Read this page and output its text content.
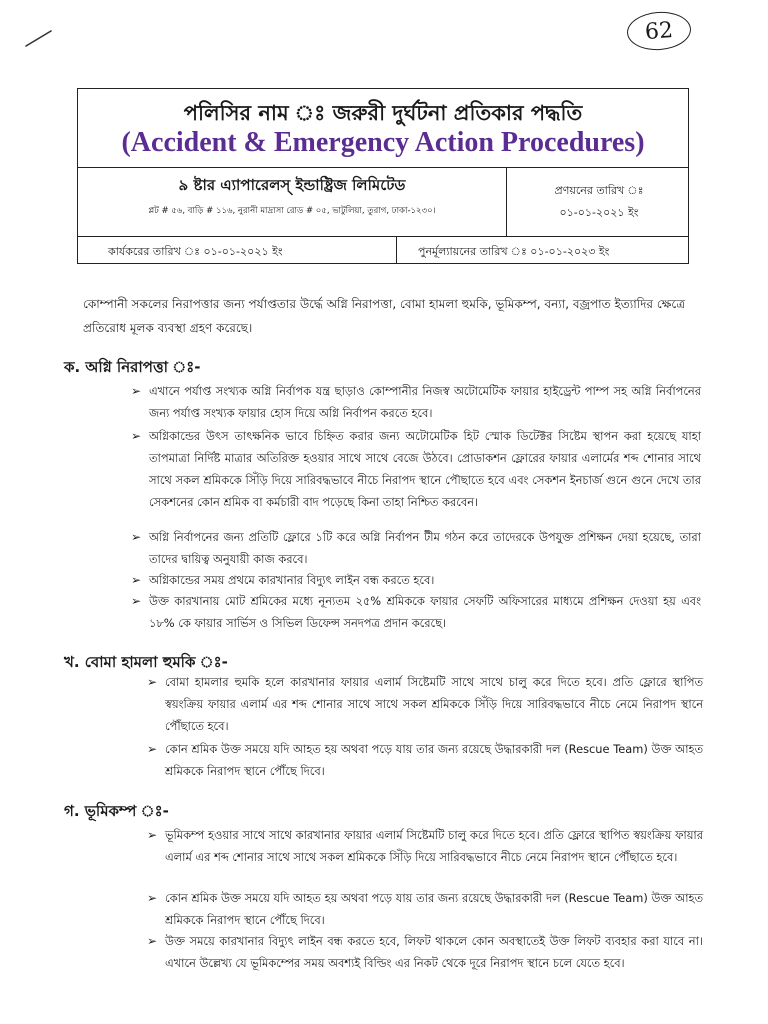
62
পলিসির নাম ঃ জরুরী দুর্ঘটনা প্রতিকার পদ্ধতি
(Accident & Emergency Action Procedures)
৯ ষ্টার এ্যাপারেলস্ ইন্ডাষ্ট্রিজ লিমিটেড
প্লট # ৫৬, বাড়ি # ১১৬, নুরানী মাদ্রাসা রোড # ০৫, ভাটুলিয়া, তুরাগ, ঢাকা-১২৩০।
প্রণয়নের তারিখ ঃ
০১-০১-২০২১ ইং
কার্যকরের তারিখ ঃ ০১-০১-২০২১ ইং	পুনর্মূল্যায়নের তারিখ ঃ ০১-০১-২০২৩ ইং
কোম্পানী সকলের নিরাপত্তার জন্য পর্যাপ্ততার উর্দ্ধে অগ্নি নিরাপত্তা, বোমা হামলা হুমকি, ভূমিকম্প, বন্যা, বজ্রপাত ইত্যাদির ক্ষেত্রে প্রতিরোধ মূলক ব্যবস্থা গ্রহণ করেছে।
ক. অগ্নি নিরাপত্তা ঃ-
➢ এখানে পর্যাপ্ত সংখ্যক অগ্নি নির্বাপক যন্ত্র ছাড়াও কোম্পানীর নিজস্ব অটোমেটিক ফায়ার হাইড্রেন্ট পাম্প সহ অগ্নি নির্বাপনের জন্য পর্যাপ্ত সংখ্যক ফায়ার হোস দিয়ে অগ্নি নির্বাপন করতে হবে।
➢ অগ্নিকান্ডের উৎস তাৎক্ষনিক ভাবে চিহ্নিত করার জন্য অটোমেটিক হিট স্মোক ডিটেক্টর সিষ্টেম স্থাপন করা হয়েছে যাহা তাপমাত্রা নির্দিষ্ট মাত্রার অতিরিক্ত হওয়ার সাথে সাথে বেজে উঠবে। প্রোডাকশন ফ্লোরের ফায়ার এলার্মের শব্দ শোনার সাথে সাথে সকল শ্রমিককে সিঁড়ি দিয়ে সারিবদ্ধভাবে নীচে নিরাপদ স্থানে পৌছাতে হবে এবং সেকশন ইনচার্জ গুনে গুনে দেখে তার সেকশনের কোন শ্রমিক বা কর্মচারী বাদ পড়েছে কিনা তাহা নিশ্চিত করবেন।
➢ অগ্নি নির্বাপনের জন্য প্রতিটি ফ্লোরে ১টি করে অগ্নি নির্বাপন টীম গঠন করে তাদেরকে উপযুক্ত প্রশিক্ষন দেয়া হয়েছে, তারা তাদের দ্বায়িত্ব অনুযায়ী কাজ করবে।
➢ অগ্নিকান্ডের সময় প্রথমে কারখানার বিদ্যুৎ লাইন বন্ধ করতে হবে।
➢ উক্ত কারখানায় মোট শ্রমিকের মধ্যে নূন্যতম ২৫% শ্রমিককে ফায়ার সেফটি অফিসারের মাধ্যমে প্রশিক্ষন দেওয়া হয় এবং ১৮% কে ফায়ার সার্ভিস ও সিভিল ডিফেন্স সনদপত্র প্রদান করেছে।
খ. বোমা হামলা হুমকি ঃ-
➢ বোমা হামলার হুমকি হলে কারখানার ফায়ার এলার্ম সিষ্টেমটি সাথে সাথে চালু করে দিতে হবে। প্রতি ফ্লোরে স্থাপিত স্বয়ংক্রিয় ফায়ার এলার্ম এর শব্দ শোনার সাথে সাথে সকল শ্রমিককে সিঁড়ি দিয়ে সারিবদ্ধভাবে নীচে নেমে নিরাপদ স্থানে পৌঁছাতে হবে।
➢ কোন শ্রমিক উক্ত সময়ে যদি আহত হয় অথবা পড়ে যায় তার জন্য রয়েছে উদ্ধারকারী দল (Rescue Team) উক্ত আহত শ্রমিককে নিরাপদ স্থানে পৌঁছে দিবে।
গ. ভূমিকম্প ঃ-
➢ ভূমিকম্প হওয়ার সাথে সাথে কারখানার ফায়ার এলার্ম সিষ্টেমটি চালু করে দিতে হবে। প্রতি ফ্লোরে স্থাপিত স্বয়ংক্রিয় ফায়ার এলার্ম এর শব্দ শোনার সাথে সাথে সকল শ্রমিককে সিঁড়ি দিয়ে সারিবদ্ধভাবে নীচে নেমে নিরাপদ স্থানে পৌঁছাতে হবে।
➢ কোন শ্রমিক উক্ত সময়ে যদি আহত হয় অথবা পড়ে যায় তার জন্য রয়েছে উদ্ধারকারী দল (Rescue Team) উক্ত আহত শ্রমিককে নিরাপদ স্থানে পৌঁছে দিবে।
➢ উক্ত সময়ে কারখানার বিদ্যুৎ লাইন বন্ধ করতে হবে, লিফট থাকলে কোন অবস্থাতেই উক্ত লিফট ব্যবহার করা যাবে না। এখানে উল্লেখ্য যে ভূমিকম্পের সময় অবশ্যই বিল্ডিং এর নিকট থেকে দূরে নিরাপদ স্থানে চলে যেতে হবে।
